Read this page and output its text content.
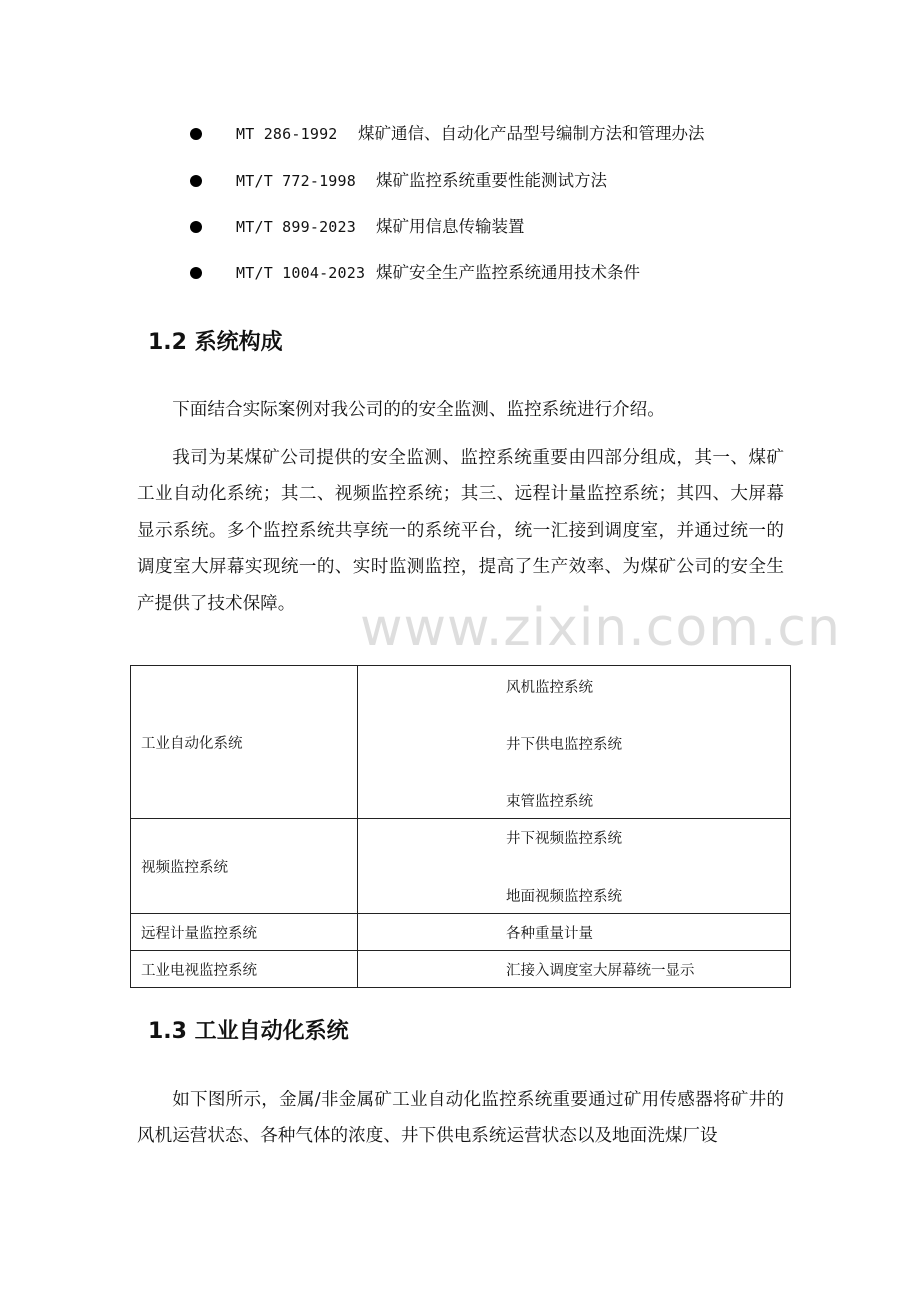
MT 286-1992 煤矿通信、自动化产品型号编制方法和管理办法
MT/T 772-1998 煤矿监控系统重要性能测试方法
MT/T 899-2023 煤矿用信息传输装置
MT/T 1004-2023 煤矿安全生产监控系统通用技术条件
1.2 系统构成

下面结合实际案例对我公司的的安全监测、监控系统进行介绍。

我司为某煤矿公司提供的安全监测、监控系统重要由四部分组成，其一、煤矿工业自动化系统；其二、视频监控系统；其三、远程计量监控系统；其四、大屏幕显示系统。多个监控系统共享统一的系统平台，统一汇接到调度室，并通过统一的调度室大屏幕实现统一的、实时监测监控，提高了生产效率、为煤矿公司的安全生产提供了技术保障。	www.zixin.com.cn
工业自动化系统	风机监控系统
井下供电监控系统
束管监控系统

视频监控系统	井下视频监控系统
地面视频监控系统

远程计量监控系统	各种重量计量

工业电视监控系统	汇接入调度室大屏幕统一显示
1.3 工业自动化系统

如下图所示，金属/非金属矿工业自动化监控系统重要通过矿用传感器将矿井的风机运营状态、各种气体的浓度、井下供电系统运营状态以及地面洗煤厂设
